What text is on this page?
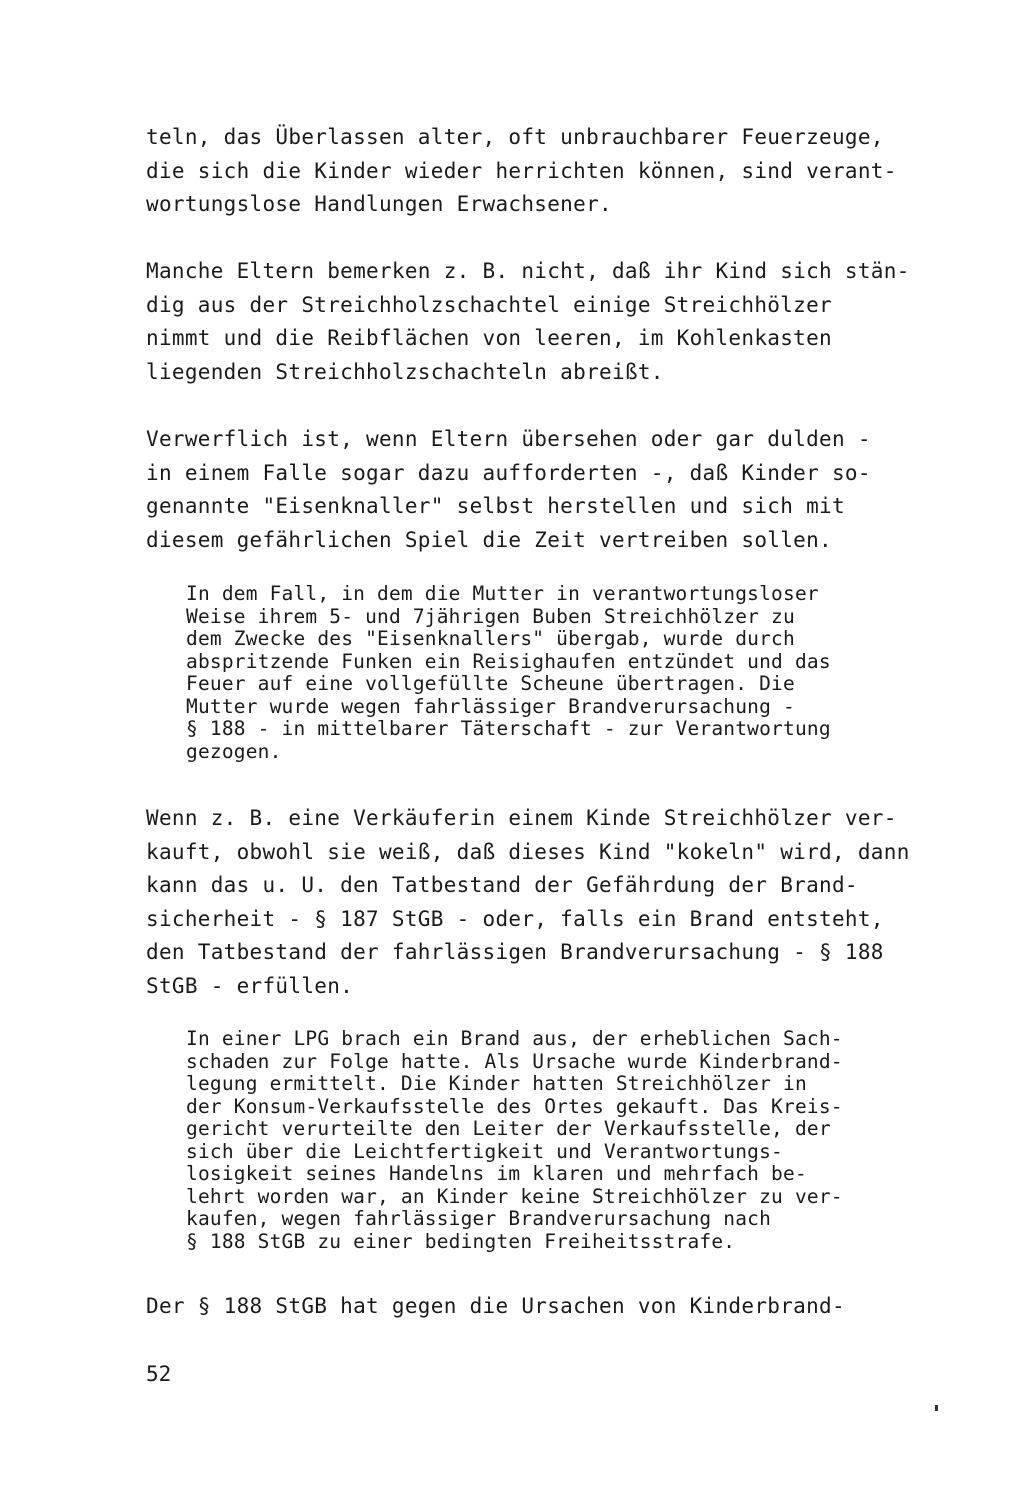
teln, das Überlassen alter, oft unbrauchbarer Feuerzeuge,
die sich die Kinder wieder herrichten können, sind verant-
wortungslose Handlungen Erwachsener.

Manche Eltern bemerken z. B. nicht, daß ihr Kind sich stän-
dig aus der Streichholzschachtel einige Streichhölzer
nimmt und die Reibflächen von leeren, im Kohlenkasten
liegenden Streichholzschachteln abreißt.

Verwerflich ist, wenn Eltern übersehen oder gar dulden -
in einem Falle sogar dazu aufforderten -, daß Kinder so-
genannte "Eisenknaller" selbst herstellen und sich mit
diesem gefährlichen Spiel die Zeit vertreiben sollen.

In dem Fall, in dem die Mutter in verantwortungsloser
Weise ihrem 5- und 7jährigen Buben Streichhölzer zu
dem Zwecke des "Eisenknallers" übergab, wurde durch
abspritzende Funken ein Reisighaufen entzündet und das
Feuer auf eine vollgefüllte Scheune übertragen. Die
Mutter wurde wegen fahrlässiger Brandverursachung -
§ 188 - in mittelbarer Täterschaft - zur Verantwortung
gezogen.

Wenn z. B. eine Verkäuferin einem Kinde Streichhölzer ver-
kauft, obwohl sie weiß, daß dieses Kind "kokeln" wird, dann
kann das u. U. den Tatbestand der Gefährdung der Brand-
sicherheit - § 187 StGB - oder, falls ein Brand entsteht,
den Tatbestand der fahrlässigen Brandverursachung - § 188
StGB - erfüllen.

In einer LPG brach ein Brand aus, der erheblichen Sach-
schaden zur Folge hatte. Als Ursache wurde Kinderbrand-
legung ermittelt. Die Kinder hatten Streichhölzer in
der Konsum-Verkaufsstelle des Ortes gekauft. Das Kreis-
gericht verurteilte den Leiter der Verkaufsstelle, der
sich über die Leichtfertigkeit und Verantwortungs-
losigkeit seines Handelns im klaren und mehrfach be-
lehrt worden war, an Kinder keine Streichhölzer zu ver-
kaufen, wegen fahrlässiger Brandverursachung nach
§ 188 StGB zu einer bedingten Freiheitsstrafe.

Der § 188 StGB hat gegen die Ursachen von Kinderbrand-

52
